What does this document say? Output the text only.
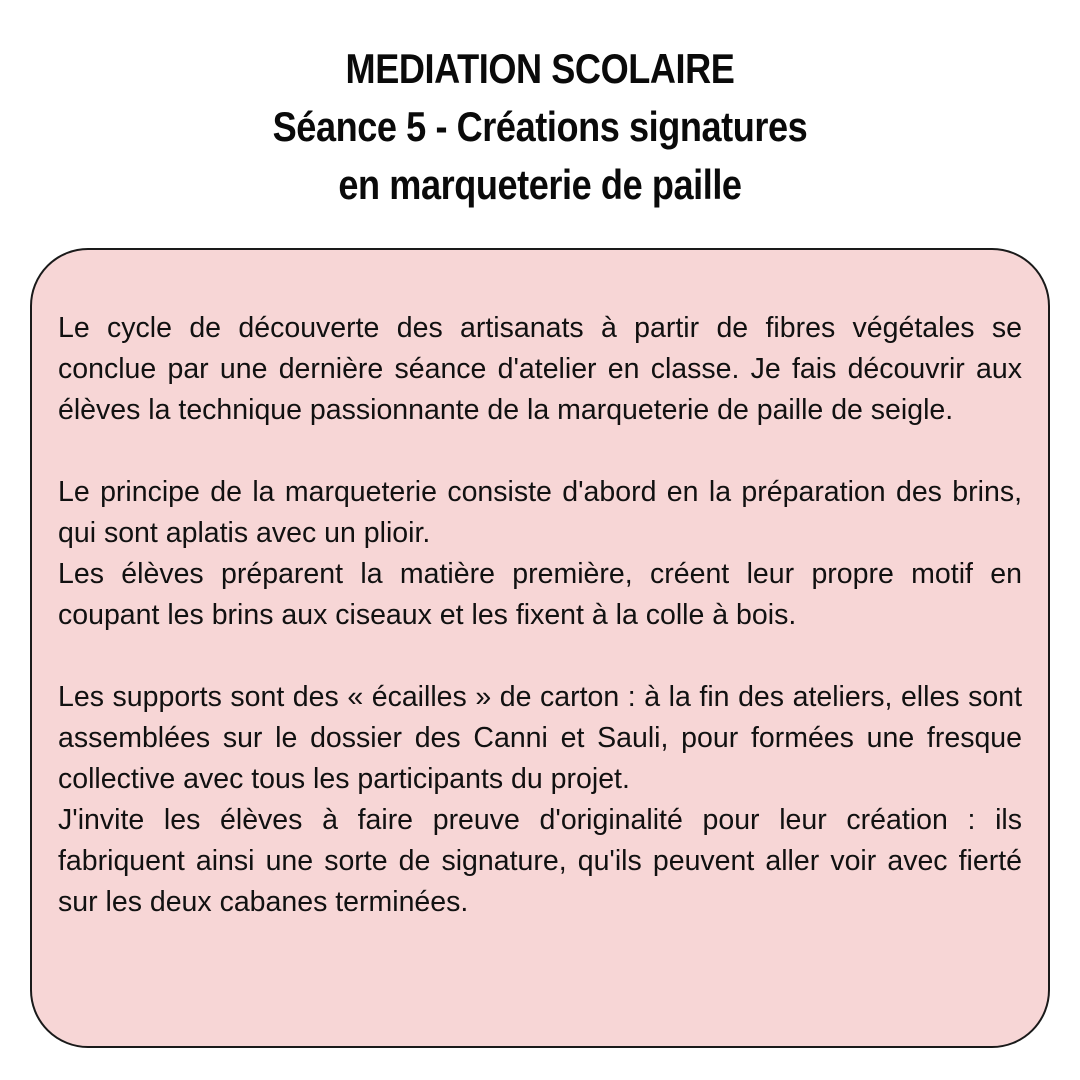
MEDIATION SCOLAIRE
Séance 5 - Créations signatures
en marqueterie de paille

Le cycle de découverte des artisanats à partir de fibres végétales se conclue par une dernière séance d'atelier en classe. Je fais découvrir aux élèves la technique passionnante de la marqueterie de paille de seigle.

Le principe de la marqueterie consiste d'abord en la préparation des brins, qui sont aplatis avec un plioir.

Les élèves préparent la matière première, créent leur propre motif en coupant les brins aux ciseaux et les fixent à la colle à bois.

Les supports sont des « écailles » de carton : à la fin des ateliers, elles sont assemblées sur le dossier des Canni et Sauli, pour formées une fresque collective avec tous les participants du projet.

J'invite les élèves à faire preuve d'originalité pour leur création : ils fabriquent ainsi une sorte de signature, qu'ils peuvent aller voir avec fierté sur les deux cabanes terminées.
